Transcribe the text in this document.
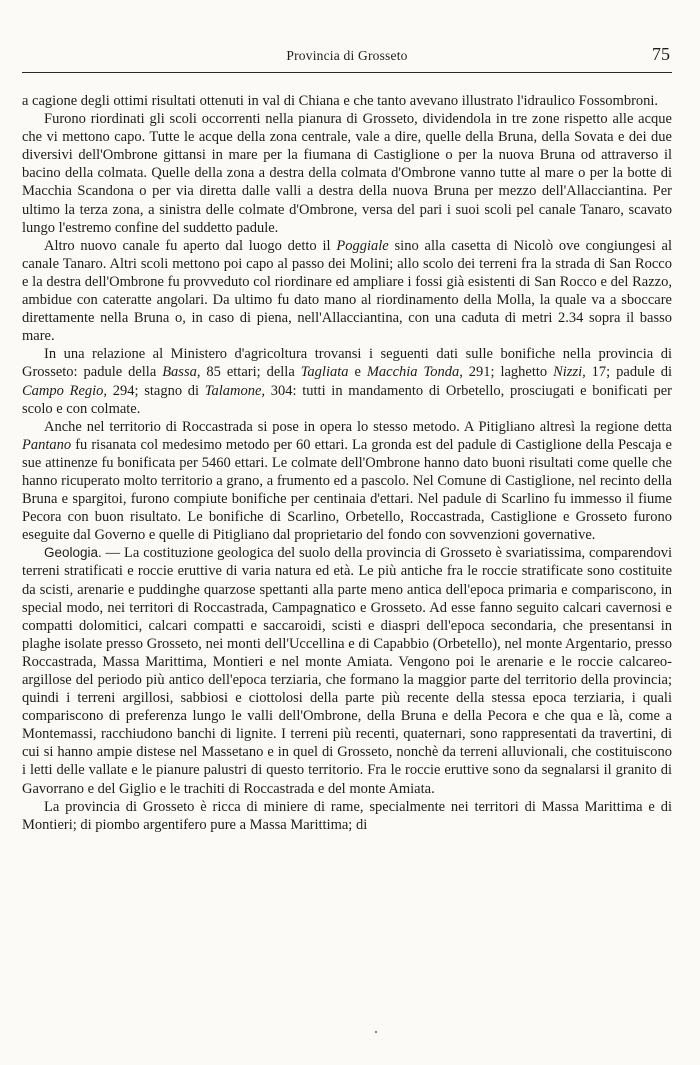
Provincia di Grosseto	75

a cagione degli ottimi risultati ottenuti in val di Chiana e che tanto avevano illustrato l'idraulico Fossombroni.

Furono riordinati gli scoli occorrenti nella pianura di Grosseto, dividendola in tre zone rispetto alle acque che vi mettono capo. Tutte le acque della zona centrale, vale a dire, quelle della Bruna, della Sovata e dei due diversivi dell'Ombrone gittansi in mare per la fiumana di Castiglione o per la nuova Bruna od attraverso il bacino della colmata. Quelle della zona a destra della colmata d'Ombrone vanno tutte al mare o per la botte di Macchia Scandona o per via diretta dalle valli a destra della nuova Bruna per mezzo dell'Allacciantina. Per ultimo la terza zona, a sinistra delle colmate d'Ombrone, versa del pari i suoi scoli pel canale Tanaro, scavato lungo l'estremo confine del suddetto padule.

Altro nuovo canale fu aperto dal luogo detto il Poggiale sino alla casetta di Nicolò ove congiungesi al canale Tanaro. Altri scoli mettono poi capo al passo dei Molini; allo scolo dei terreni fra la strada di San Rocco e la destra dell'Ombrone fu provveduto col riordinare ed ampliare i fossi già esistenti di San Rocco e del Razzo, ambidue con cateratte angolari. Da ultimo fu dato mano al riordinamento della Molla, la quale va a sboccare direttamente nella Bruna o, in caso di piena, nell'Allacciantina, con una caduta di metri 2.34 sopra il basso mare.

In una relazione al Ministero d'agricoltura trovansi i seguenti dati sulle bonifiche nella provincia di Grosseto: padule della Bassa, 85 ettari; della Tagliata e Macchia Tonda, 291; laghetto Nizzi, 17; padule di Campo Regio, 294; stagno di Talamone, 304: tutti in mandamento di Orbetello, prosciugati e bonificati per scolo e con colmate.

Anche nel territorio di Roccastrada si pose in opera lo stesso metodo. A Pitigliano altresì la regione detta Pantano fu risanata col medesimo metodo per 60 ettari. La gronda est del padule di Castiglione della Pescaja e sue attinenze fu bonificata per 5460 ettari. Le colmate dell'Ombrone hanno dato buoni risultati come quelle che hanno ricuperato molto territorio a grano, a frumento ed a pascolo. Nel Comune di Castiglione, nel recinto della Bruna e spargitoi, furono compiute bonifiche per centinaia d'ettari. Nel padule di Scarlino fu immesso il fiume Pecora con buon risultato. Le bonifiche di Scarlino, Orbetello, Roccastrada, Castiglione e Grosseto furono eseguite dal Governo e quelle di Pitigliano dal proprietario del fondo con sovvenzioni governative.

Geologia. — La costituzione geologica del suolo della provincia di Grosseto è svariatissima, comparendovi terreni stratificati e roccie eruttive di varia natura ed età. Le più antiche fra le roccie stratificate sono costituite da scisti, arenarie e puddinghe quarzose spettanti alla parte meno antica dell'epoca primaria e compariscono, in special modo, nei territori di Roccastrada, Campagnatico e Grosseto. Ad esse fanno seguito calcari cavernosi e compatti dolomitici, calcari compatti e saccaroidi, scisti e diaspri dell'epoca secondaria, che presentansi in plaghe isolate presso Grosseto, nei monti dell'Uccellina e di Capabbio (Orbetello), nel monte Argentario, presso Roccastrada, Massa Marittima, Montieri e nel monte Amiata. Vengono poi le arenarie e le roccie calcareo-argillose del periodo più antico dell'epoca terziaria, che formano la maggior parte del territorio della provincia; quindi i terreni argillosi, sabbiosi e ciottolosi della parte più recente della stessa epoca terziaria, i quali compariscono di preferenza lungo le valli dell'Ombrone, della Bruna e della Pecora e che qua e là, come a Montemassi, racchiudono banchi di lignite. I terreni più recenti, quaternari, sono rappresentati da travertini, di cui si hanno ampie distese nel Massetano e in quel di Grosseto, nonchè da terreni alluvionali, che costituiscono i letti delle vallate e le pianure palustri di questo territorio. Fra le roccie eruttive sono da segnalarsi il granito di Gavorrano e del Giglio e le trachiti di Roccastrada e del monte Amiata.

La provincia di Grosseto è ricca di miniere di rame, specialmente nei territori di Massa Marittima e di Montieri; di piombo argentifero pure a Massa Marittima; di
